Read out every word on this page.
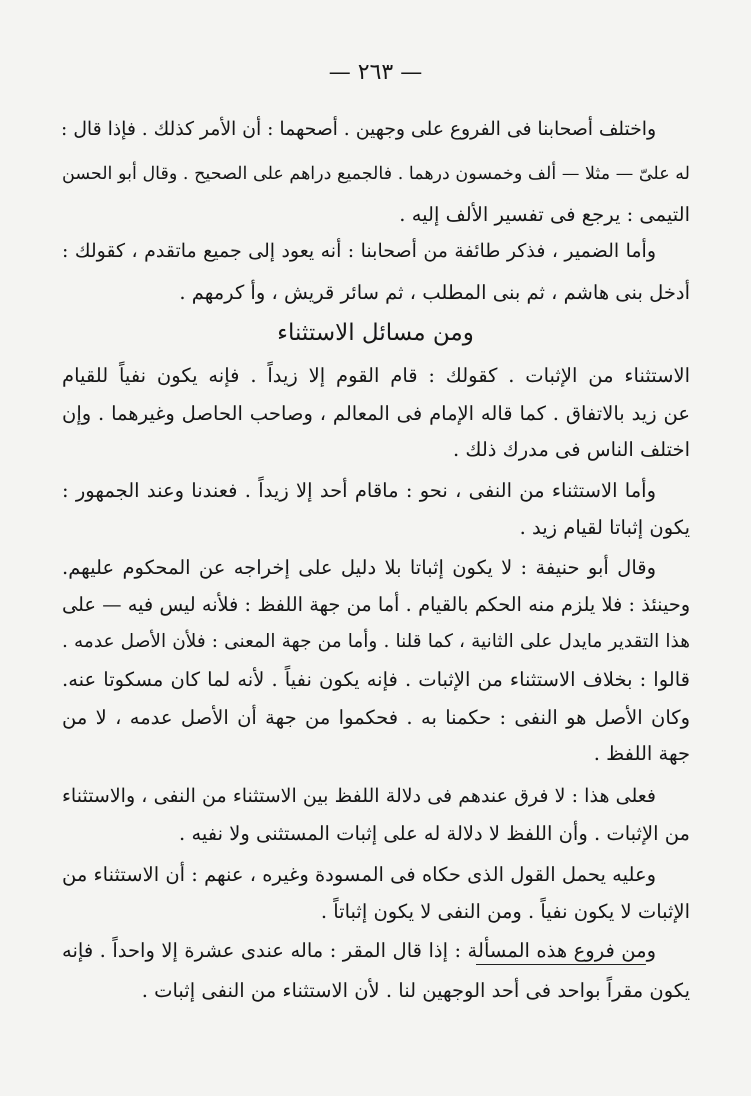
— ٢٦٣ —
واختلف أصحابنا فى الفروع على وجهين . أصحهما : أن الأمر كذلك . فإذا قال :
له علىّ — مثلا — ألف وخمسون درهما . فالجميع دراهم على الصحيح . وقال أبو الحسن
التيمى : يرجع فى تفسير الألف إليه .
وأما الضمير ، فذكر طائفة من أصحابنا : أنه يعود إلى جميع ماتقدم ، كقولك :
أدخل بنى هاشم ، ثم بنى المطلب ، ثم سائر قريش ، وأ كرمهم .
ومن مسائل الاستثناء
الاستثناء من الإثبات . كقولك : قام القوم إلا زيداً . فإنه يكون نفياً للقيام
عن زيد بالاتفاق . كما قاله الإمام فى المعالم ، وصاحب الحاصل وغيرهما . وإن
اختلف الناس فى مدرك ذلك .
وأما الاستثناء من النفى ، نحو : ماقام أحد إلا زيداً . فعندنا وعند الجمهور :
يكون إثباتا لقيام زيد .
وقال أبو حنيفة : لا يكون إثباتا بلا دليل على إخراجه عن المحكوم عليهم.
وحينئذ : فلا يلزم منه الحكم بالقيام . أما من جهة اللفظ : فلأنه ليس فيه — على
هذا التقدير مايدل على الثانية ، كما قلنا . وأما من جهة المعنى : فلأن الأصل عدمه .
قالوا : بخلاف الاستثناء من الإثبات . فإنه يكون نفياً . لأنه لما كان مسكوتا عنه.
وكان الأصل هو النفى : حكمنا به . فحكموا من جهة أن الأصل عدمه ، لا من
جهة اللفظ .
فعلى هذا : لا فرق عندهم فى دلالة اللفظ بين الاستثناء من النفى ، والاستثناء
من الإثبات . وأن اللفظ لا دلالة له على إثبات المستثنى ولا نفيه .
وعليه يحمل القول الذى حكاه فى المسودة وغيره ، عنهم : أن الاستثناء من
الإثبات لا يكون نفياً . ومن النفى لا يكون إثباتاً .
ومن فروع هذه المسألة : إذا قال المقر : ماله عندى عشرة إلا واحداً . فإنه
يكون مقراً بواحد فى أحد الوجهين لنا . لأن الاستثناء من النفى إثبات .
